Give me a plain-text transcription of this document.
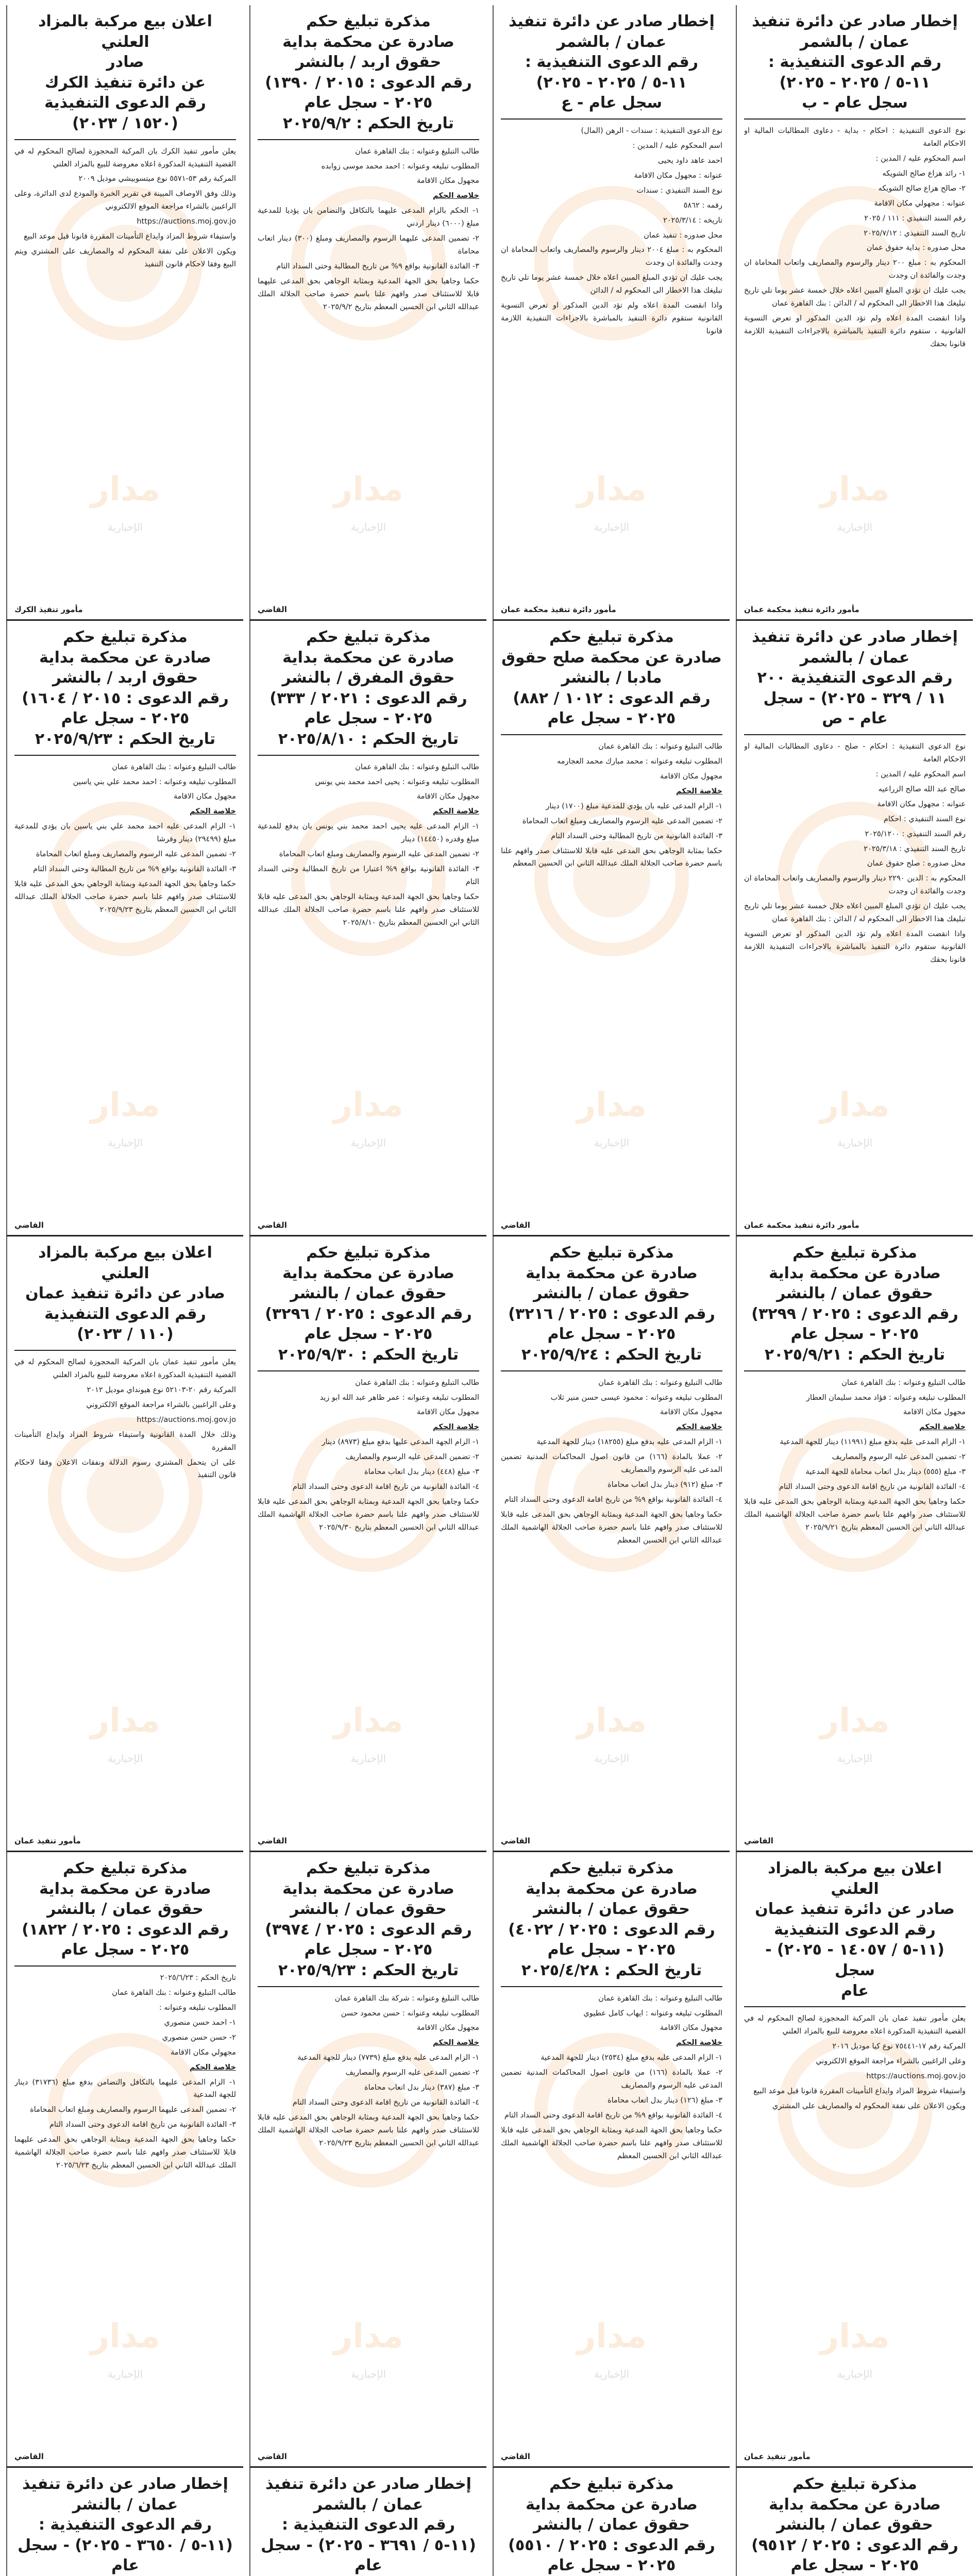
مدار
الإخبارية
إخطار صادر عن دائرة تنفيذ
عمان / بالشمر
رقم الدعوى التنفيذية :
١١-٥ / ٢٠٢٥ - ٢٠٢٥)
سجل عام - ب

نوع الدعوى التنفيذية : احكام - بداية - دعاوى المطالبات المالية او الاحكام العامة

اسم المحكوم عليه / المدين :

١- رائد هزاع صالح الشويكه

٢- صالح هزاع صالح الشويكه

عنوانه : مجهولي مكان الاقامة

رقم السند التنفيذي : ١١١ / ٢٠٢٥

تاريخ السند التنفيذي : ٢٠٢٥/٧/١٢

محل صدوره : بداية حقوق عمان

المحكوم به : مبلغ ٢٠٠ دينار والرسوم والمصاريف واتعاب المحاماة ان وجدت والفائدة ان وجدت

يجب عليك ان تؤدي المبلغ المبين اعلاه خلال خمسة عشر يوما تلي تاريخ تبليغك هذا الاخطار الى المحكوم له / الدائن : بنك القاهرة عمان

واذا انقضت المدة اعلاه ولم تؤد الدين المذكور او تعرض التسوية القانونية ، ستقوم دائرة التنفيذ بالمباشرة بالاجراءات التنفيذية اللازمة قانونا بحقك

مأمور دائرة تنفيذ محكمة عمان
مدار
الإخبارية
إخطار صادر عن دائرة تنفيذ
عمان / بالشمر
رقم الدعوى التنفيذية :
١١-٥ / ٢٠٢٥ - ٢٠٢٥)
سجل عام - ع

نوع الدعوى التنفيذية : سندات - الرهن (المال)

اسم المحكوم عليه / المدين :

احمد عاهد داود يحيى

عنوانه : مجهول مكان الاقامة

نوع السند التنفيذي : سندات

رقمه : ٥٨٦٢

تاريخه : ٢٠٢٥/٣/١٤

محل صدوره : تنفيذ عمان

المحكوم به : مبلغ ٢٠٠٤ دينار والرسوم والمصاريف واتعاب المحاماة ان وجدت والفائدة ان وجدت

يجب عليك ان تؤدي المبلغ المبين اعلاه خلال خمسة عشر يوما تلي تاريخ تبليغك هذا الاخطار الى المحكوم له / الدائن

واذا انقضت المدة اعلاه ولم تؤد الدين المذكور او تعرض التسوية القانونية ستقوم دائرة التنفيذ بالمباشرة بالاجراءات التنفيذية اللازمة قانونا

مأمور دائرة تنفيذ محكمة عمان
مدار
الإخبارية
مذكرة تبليغ حكم
صادرة عن محكمة بداية
حقوق اربد / بالنشر
رقم الدعوى : ٢٠١٥ / ١٣٩٠)
٢٠٢٥ - سجل عام
تاريخ الحكم : ٢٠٢٥/٩/٢

طالب التبليغ وعنوانه : بنك القاهرة عمان

المطلوب تبليغه وعنوانه : احمد محمد موسى زوابده

مجهول مكان الاقامة

خلاصة الحكم

١- الحكم بالزام المدعى عليهما بالتكافل والتضامن بان يؤديا للمدعية مبلغ (٦٠٠٠) دينار اردني

٢- تضمين المدعى عليهما الرسوم والمصاريف ومبلغ (٣٠٠) دينار اتعاب محاماة

٣- الفائدة القانونية بواقع ٩% من تاريخ المطالبة وحتى السداد التام

حكما وجاهيا بحق الجهة المدعية وبمثابة الوجاهي بحق المدعى عليهما قابلا للاستئناف صدر وافهم علنا باسم حضرة صاحب الجلالة الملك عبدالله الثاني ابن الحسين المعظم بتاريخ ٢٠٢٥/٩/٢

القاضي
مدار
الإخبارية
اعلان بيع مركبة بالمزاد العلني
صادر
عن دائرة تنفيذ الكرك
رقم الدعوى التنفيذية
(١٥٢٠ / ٢٠٢٣)

يعلن مأمور تنفيذ الكرك بان المركبة المحجوزة لصالح المحكوم له في القضية التنفيذية المذكورة اعلاه معروضة للبيع بالمزاد العلني

المركبة رقم ٥٣-٥٥٧١ نوع ميتسوبيشي موديل ٢٠٠٩

وذلك وفق الاوصاف المبينة في تقرير الخبرة والمودع لدى الدائرة، وعلى الراغبين بالشراء مراجعة الموقع الالكتروني

https://auctions.moj.gov.jo

واستيفاء شروط المزاد وايداع التأمينات المقررة قانونا قبل موعد البيع

ويكون الاعلان على نفقة المحكوم له والمصاريف على المشتري ويتم البيع وفقا لاحكام قانون التنفيذ

مأمور تنفيذ الكرك
مدار
الإخبارية
إخطار صادر عن دائرة تنفيذ
عمان / بالشمر
رقم الدعوى التنفيذية ٢٠٠
١١ / ٣٢٩ - ٢٠٢٥) - سجل
عام - ص

نوع الدعوى التنفيذية : احكام - صلح - دعاوى المطالبات المالية او الاحكام العامة

اسم المحكوم عليه / المدين :

صالح عبد الله صالح الزراعيه

عنوانه : مجهول مكان الاقامة

نوع السند التنفيذي : احكام

رقم السند التنفيذي : ٢٠٢٥/١٢٠٠

تاريخ السند التنفيذي : ٢٠٢٥/٣/١٨

محل صدوره : صلح حقوق عمان

المحكوم به : الدين ٢٢٩٠ دينار والرسوم والمصاريف واتعاب المحاماة ان وجدت والفائدة ان وجدت

يجب عليك ان تؤدي المبلغ المبين اعلاه خلال خمسة عشر يوما تلي تاريخ تبليغك هذا الاخطار الى المحكوم له / الدائن : بنك القاهرة عمان

واذا انقضت المدة اعلاه ولم تؤد الدين المذكور او تعرض التسوية القانونية ستقوم دائرة التنفيذ بالمباشرة بالاجراءات التنفيذية اللازمة قانونا بحقك

مأمور دائرة تنفيذ محكمة عمان
مدار
الإخبارية
مذكرة تبليغ حكم
صادرة عن محكمة صلح حقوق
مادبا / بالنشر
رقم الدعوى : ١٠١٢ / ٨٨٢)
٢٠٢٥ - سجل عام

طالب التبليغ وعنوانه : بنك القاهرة عمان

المطلوب تبليغه وعنوانه : محمد مبارك محمد العجارمه

مجهول مكان الاقامة

خلاصة الحكم

١- الزام المدعى عليه بان يؤدي للمدعية مبلغ (١٧٠٠) دينار

٢- تضمين المدعى عليه الرسوم والمصاريف ومبلغ اتعاب المحاماة

٣- الفائدة القانونية من تاريخ المطالبة وحتى السداد التام

حكما بمثابة الوجاهي بحق المدعى عليه قابلا للاستئناف صدر وافهم علنا باسم حضرة صاحب الجلالة الملك عبدالله الثاني ابن الحسين المعظم

القاضي
مدار
الإخبارية
مذكرة تبليغ حكم
صادرة عن محكمة بداية
حقوق المفرق / بالنشر
رقم الدعوى : ٢٠٢١ / ٣٣٣)
٢٠٢٥ - سجل عام
تاريخ الحكم : ٢٠٢٥/٨/١٠

طالب التبليغ وعنوانه : بنك القاهرة عمان

المطلوب تبليغه وعنوانه : يحيى احمد محمد بني يونس

مجهول مكان الاقامة

خلاصة الحكم

١- الزام المدعى عليه يحيى احمد محمد بني يونس بان يدفع للمدعية مبلغ وقدره (١٤٤٥٠) دينار

٢- تضمين المدعى عليه الرسوم والمصاريف ومبلغ اتعاب المحاماة

٣- الفائدة القانونية بواقع ٩% اعتبارا من تاريخ المطالبة وحتى السداد التام

حكما وجاهيا بحق الجهة المدعية وبمثابة الوجاهي بحق المدعى عليه قابلا للاستئناف صدر وافهم علنا باسم حضرة صاحب الجلالة الملك عبدالله الثاني ابن الحسين المعظم بتاريخ ٢٠٢٥/٨/١٠

القاضي
مدار
الإخبارية
مذكرة تبليغ حكم
صادرة عن محكمة بداية
حقوق اربد / بالنشر
رقم الدعوى : ٢٠١٥ / ١٦٠٤)
٢٠٢٥ - سجل عام
تاريخ الحكم : ٢٠٢٥/٩/٢٣

طالب التبليغ وعنوانه : بنك القاهرة عمان

المطلوب تبليغه وعنوانه : احمد محمد علي بني ياسين

مجهول مكان الاقامة

خلاصة الحكم

١- الزام المدعى عليه احمد محمد علي بني ياسين بان يؤدي للمدعية مبلغ (٢٩٤٩٩) دينار وقرشا

٢- تضمين المدعى عليه الرسوم والمصاريف ومبلغ اتعاب المحاماة

٣- الفائدة القانونية بواقع ٩% من تاريخ المطالبة وحتى السداد التام

حكما وجاهيا بحق الجهة المدعية وبمثابة الوجاهي بحق المدعى عليه قابلا للاستئناف صدر وافهم علنا باسم حضرة صاحب الجلالة الملك عبدالله الثاني ابن الحسين المعظم بتاريخ ٢٠٢٥/٩/٢٣

القاضي
مدار
الإخبارية
مذكرة تبليغ حكم
صادرة عن محكمة بداية
حقوق عمان / بالنشر
رقم الدعوى : ٢٠٢٥ / ٣٢٩٩)
٢٠٢٥ - سجل عام
تاريخ الحكم : ٢٠٢٥/٩/٢١

طالب التبليغ وعنوانه : بنك القاهرة عمان

المطلوب تبليغه وعنوانه : فؤاد محمد سليمان العطار

مجهول مكان الاقامة

خلاصة الحكم

١- الزام المدعى عليه بدفع مبلغ (١١٩٩١) دينار للجهة المدعية

٢- تضمين المدعى عليه الرسوم والمصاريف

٣- مبلغ (٥٥٥) دينار بدل اتعاب محاماة للجهة المدعية

٤- الفائدة القانونية من تاريخ اقامة الدعوى وحتى السداد التام

حكما وجاهيا بحق الجهة المدعية وبمثابة الوجاهي بحق المدعى عليه قابلا للاستئناف صدر وافهم علنا باسم حضرة صاحب الجلالة الهاشمية الملك عبدالله الثاني ابن الحسين المعظم بتاريخ ٢٠٢٥/٩/٢١

القاضي
مدار
الإخبارية
مذكرة تبليغ حكم
صادرة عن محكمة بداية
حقوق عمان / بالنشر
رقم الدعوى : ٢٠٢٥ / ٣٢١٦)
٢٠٢٥ - سجل عام
تاريخ الحكم : ٢٠٢٥/٩/٢٤

طالب التبليغ وعنوانه : بنك القاهرة عمان

المطلوب تبليغه وعنوانه : محمود عيسى حسن منير ثلاب

مجهول مكان الاقامة

خلاصة الحكم

١- الزام المدعى عليه بدفع مبلغ (١٨٢٥٥) دينار للجهة المدعية

٢- عملا بالمادة (١٦٦) من قانون اصول المحاكمات المدنية تضمين المدعى عليه الرسوم والمصاريف

٣- مبلغ (٩١٢) دينار بدل اتعاب محاماة

٤- الفائدة القانونية بواقع ٩% من تاريخ اقامة الدعوى وحتى السداد التام

حكما وجاهيا بحق الجهة المدعية وبمثابة الوجاهي بحق المدعى عليه قابلا للاستئناف صدر وافهم علنا باسم حضرة صاحب الجلالة الهاشمية الملك عبدالله الثاني ابن الحسين المعظم

القاضي
مدار
الإخبارية
مذكرة تبليغ حكم
صادرة عن محكمة بداية
حقوق عمان / بالنشر
رقم الدعوى : ٢٠٢٥ / ٣٢٩٦)
٢٠٢٥ - سجل عام
تاريخ الحكم : ٢٠٢٥/٩/٣٠

طالب التبليغ وعنوانه : بنك القاهرة عمان

المطلوب تبليغه وعنوانه : عمر ظاهر عبد الله ابو زيد

مجهول مكان الاقامة

خلاصة الحكم

١- الزام الجهة المدعى عليها بدفع مبلغ (٨٩٧٣) دينار

٢- تضمين المدعى عليه الرسوم والمصاريف

٣- مبلغ (٤٤٨) دينار بدل اتعاب محاماة

٤- الفائدة القانونية من تاريخ اقامة الدعوى وحتى السداد التام

حكما وجاهيا بحق الجهة المدعية وبمثابة الوجاهي بحق المدعى عليه قابلا للاستئناف صدر وافهم علنا باسم حضرة صاحب الجلالة الهاشمية الملك عبدالله الثاني ابن الحسين المعظم بتاريخ ٢٠٢٥/٩/٣٠

القاضي
مدار
الإخبارية
اعلان بيع مركبة بالمزاد العلني
صادر عن دائرة تنفيذ عمان
رقم الدعوى التنفيذية
(١١٠ / ٢٠٢٣)

يعلن مأمور تنفيذ عمان بان المركبة المحجوزة لصالح المحكوم له في القضية التنفيذية المذكورة اعلاه معروضة للبيع بالمزاد العلني

المركبة رقم ٢٠-٥٢١٠٣ نوع هيونداي موديل ٢٠١٢

وعلى الراغبين بالشراء مراجعة الموقع الالكتروني

https://auctions.moj.gov.jo

وذلك خلال المدة القانونية واستيفاء شروط المزاد وايداع التأمينات المقررة

على ان يتحمل المشتري رسوم الدلالة ونفقات الاعلان وفقا لاحكام قانون التنفيذ

مأمور تنفيذ عمان
مدار
الإخبارية
اعلان بيع مركبة بالمزاد العلني
صادر عن دائرة تنفيذ عمان
رقم الدعوى التنفيذية
(١١-٥ / ١٤٠٥٧ - ٢٠٢٥) - سجل
عام

يعلن مأمور تنفيذ عمان بان المركبة المحجوزة لصالح المحكوم له في القضية التنفيذية المذكورة اعلاه معروضة للبيع بالمزاد العلني

المركبة رقم ١٧-٧٥٤٤١ نوع كيا موديل ٢٠١٦

وعلى الراغبين بالشراء مراجعة الموقع الالكتروني

https://auctions.moj.gov.jo

واستيفاء شروط المزاد وايداع التأمينات المقررة قانونا قبل موعد البيع

ويكون الاعلان على نفقة المحكوم له والمصاريف على المشتري

مأمور تنفيذ عمان
مدار
الإخبارية
مذكرة تبليغ حكم
صادرة عن محكمة بداية
حقوق عمان / بالنشر
رقم الدعوى : ٢٠٢٥ / ٤٠٢٢)
٢٠٢٥ - سجل عام
تاريخ الحكم : ٢٠٢٥/٤/٢٨

طالب التبليغ وعنوانه : بنك القاهرة عمان

المطلوب تبليغه وعنوانه : ايهاب كامل عطيوي

مجهول مكان الاقامة

خلاصة الحكم

١- الزام المدعى عليه بدفع مبلغ (٢٥٣٤) دينار للجهة المدعية

٢- عملا بالمادة (١٦٦) من قانون اصول المحاكمات المدنية تضمين المدعى عليه الرسوم والمصاريف

٣- مبلغ (١٢٦) دينار بدل اتعاب محاماة

٤- الفائدة القانونية بواقع ٩% من تاريخ اقامة الدعوى وحتى السداد التام

حكما وجاهيا بحق الجهة المدعية وبمثابة الوجاهي بحق المدعى عليه قابلا للاستئناف صدر وافهم علنا باسم حضرة صاحب الجلالة الهاشمية الملك عبدالله الثاني ابن الحسين المعظم

القاضي
مدار
الإخبارية
مذكرة تبليغ حكم
صادرة عن محكمة بداية
حقوق عمان / بالنشر
رقم الدعوى : ٢٠٢٥ / ٣٩٧٤)
٢٠٢٥ - سجل عام
تاريخ الحكم : ٢٠٢٥/٩/٢٣

طالب التبليغ وعنوانه : شركة بنك القاهرة عمان

المطلوب تبليغه وعنوانه : حسن محمود حسن

مجهول مكان الاقامة

خلاصة الحكم

١- الزام المدعى عليه بدفع مبلغ (٧٧٣٩) دينار للجهة المدعية

٢- تضمين المدعى عليه الرسوم والمصاريف

٣- مبلغ (٣٨٧) دينار بدل اتعاب محاماة

٤- الفائدة القانونية من تاريخ اقامة الدعوى وحتى السداد التام

حكما وجاهيا بحق الجهة المدعية وبمثابة الوجاهي بحق المدعى عليه قابلا للاستئناف صدر وافهم علنا باسم حضرة صاحب الجلالة الهاشمية الملك عبدالله الثاني ابن الحسين المعظم بتاريخ ٢٠٢٥/٩/٢٣

القاضي
مدار
الإخبارية
مذكرة تبليغ حكم
صادرة عن محكمة بداية
حقوق عمان / بالنشر
رقم الدعوى : ٢٠٢٥ / ١٨٢٢)
٢٠٢٥ - سجل عام

تاريخ الحكم : ٢٠٢٥/٦/٢٣

طالب التبليغ وعنوانه : بنك القاهرة عمان

المطلوب تبليغه وعنوانه :

١- احمد حسن منصوري

٢- حسن حسن منصوري

مجهولي مكان الاقامة

خلاصة الحكم

١- الزام المدعى عليهما بالتكافل والتضامن بدفع مبلغ (٣١٧٣٦) دينار للجهة المدعية

٢- تضمين المدعى عليهما الرسوم والمصاريف ومبلغ اتعاب المحاماة

٣- الفائدة القانونية من تاريخ اقامة الدعوى وحتى السداد التام

حكما وجاهيا بحق الجهة المدعية وبمثابة الوجاهي بحق المدعى عليهما قابلا للاستئناف صدر وافهم علنا باسم حضرة صاحب الجلالة الهاشمية الملك عبدالله الثاني ابن الحسين المعظم بتاريخ ٢٠٢٥/٦/٢٣

القاضي
مذكرة تبليغ حكم
صادرة عن محكمة بداية
حقوق عمان / بالنشر
رقم الدعوى : ٢٠٢٥ / ٩٥١٢)
٢٠٢٥ - سجل عام

مذكرة تبليغ حكم
صادرة عن محكمة بداية
حقوق عمان / بالنشر
رقم الدعوى : ٢٠٢٥ / ٥٥١٠)
٢٠٢٥ - سجل عام

إخطار صادر عن دائرة تنفيذ
عمان / بالشمر
رقم الدعوى التنفيذية :
(١١-٥ / ٣٦٩١ - ٢٠٢٥) - سجل
عام

إخطار صادر عن دائرة تنفيذ
عمان / بالنشر
رقم الدعوى التنفيذية :
(١١-٥ / ٣٦٥٠ - ٢٠٢٥) - سجل
عام
